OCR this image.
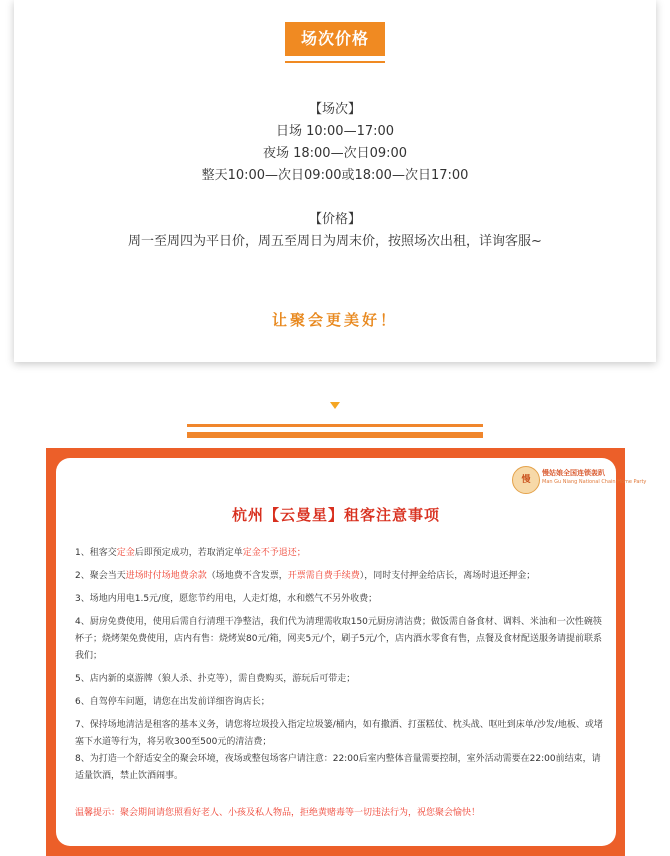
场次价格
【场次】
日场 10:00—17:00
夜场 18:00—次日09:00
整天10:00—次日09:00或18:00—次日17:00
【价格】
周一至周四为平日价，周五至周日为周末价，按照场次出租，详询客服~
让聚会更美好！
慢
慢姑娘全国连锁轰趴
Man Gu Niang National Chain Home Party
杭州【云曼星】租客注意事项
1、租客交定金后即预定成功，若取消定单定金不予退还；
2、聚会当天进场时付场地费余款（场地费不含发票，开票需自费手续费），同时支付押金给店长，离场时退还押金；
3、场地内用电1.5元/度，愿您节约用电，人走灯熄，水和燃气不另外收费；
4、厨房免费使用，使用后需自行清理干净整洁，我们代为清理需收取150元厨房清洁费；做饭需自备食材、调料、米油和一次性碗筷杯子；烧烤架免费使用，店内有售：烧烤炭80元/箱，网夹5元/个，刷子5元/个，店内酒水零食有售，点餐及食材配送服务请提前联系我们；
5、店内新的桌游牌（狼人杀、扑克等），需自费购买，游玩后可带走；
6、自驾停车问题，请您在出发前详细咨询店长；
7、保持场地清洁是租客的基本义务，请您将垃圾投入指定垃圾篓/桶内，如有撒酒、打蛋糕仗、枕头战、呕吐到床单/沙发/地板、或堵塞下水道等行为，将另收300至500元的清洁费；
8、为打造一个舒适安全的聚会环境，夜场或整包场客户请注意：22:00后室内整体音量需要控制，室外活动需要在22:00前结束，请适量饮酒，禁止饮酒闹事。
温馨提示：聚会期间请您照看好老人、小孩及私人物品，拒绝黄赌毒等一切违法行为，祝您聚会愉快！
